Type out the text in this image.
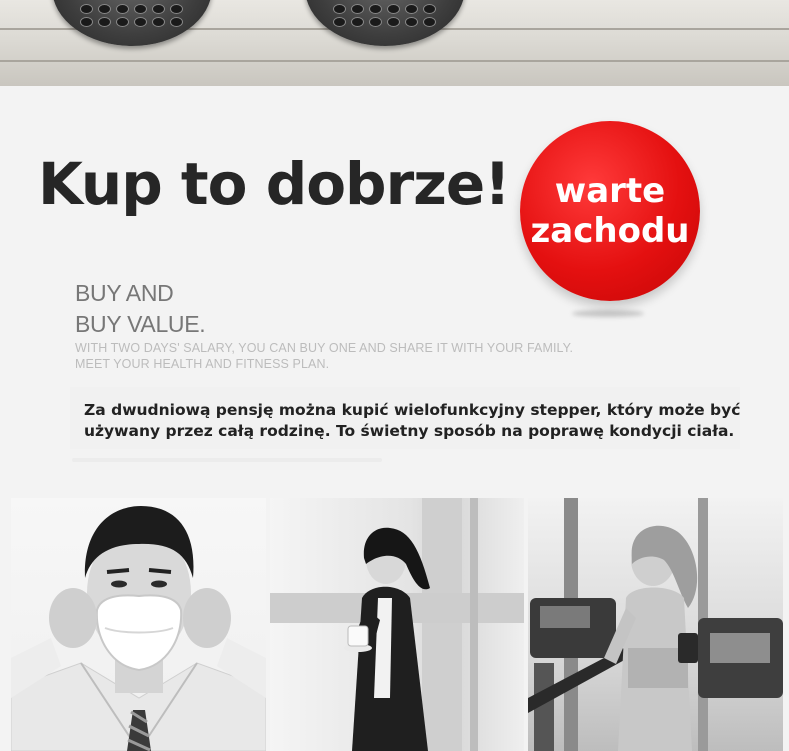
Kup to dobrze! warte
zachodu

BUY AND

BUY VALUE.

WITH TWO DAYS' SALARY, YOU CAN BUY ONE AND SHARE IT WITH YOUR FAMILY.

MEET YOUR HEALTH AND FITNESS PLAN.

Za dwudniową pensję można kupić wielofunkcyjny stepper, który może być
używany przez całą rodzinę. To świetny sposób na poprawę kondycji ciała.
